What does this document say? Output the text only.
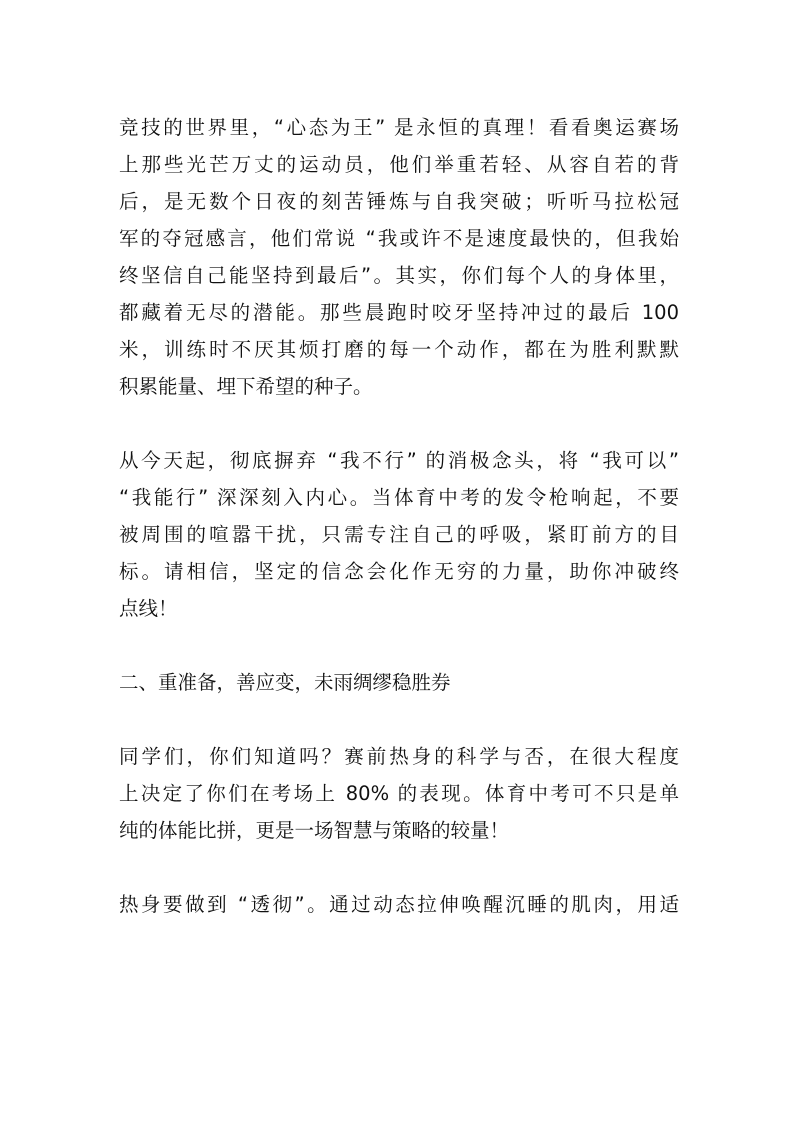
竞技的世界里，“心态为王” 是永恒的真理！看看奥运赛场
上那些光芒万丈的运动员，他们举重若轻、从容自若的背
后，是无数个日夜的刻苦锤炼与自我突破；听听马拉松冠
军的夺冠感言，他们常说 “我或许不是速度最快的，但我始
终坚信自己能坚持到最后”。其实，你们每个人的身体里，
都藏着无尽的潜能。那些晨跑时咬牙坚持冲过的最后 100
米，训练时不厌其烦打磨的每一个动作，都在为胜利默默
积累能量、埋下希望的种子。

从今天起，彻底摒弃 “我不行” 的消极念头，将 “我可以”
“我能行” 深深刻入内心。当体育中考的发令枪响起，不要
被周围的喧嚣干扰，只需专注自己的呼吸，紧盯前方的目
标。请相信，坚定的信念会化作无穷的力量，助你冲破终
点线！

二、重准备，善应变，未雨绸缪稳胜券

同学们，你们知道吗？赛前热身的科学与否，在很大程度
上决定了你们在考场上 80% 的表现。体育中考可不只是单
纯的体能比拼，更是一场智慧与策略的较量！

热身要做到 “透彻”。通过动态拉伸唤醒沉睡的肌肉，用适
